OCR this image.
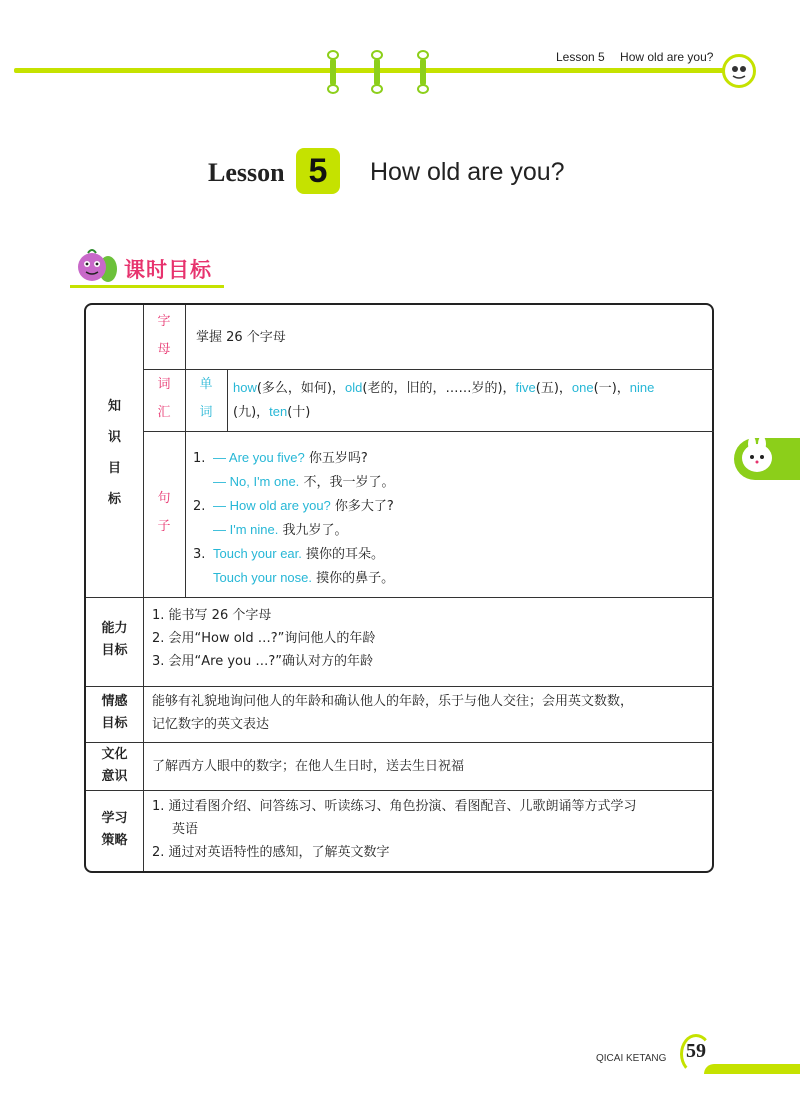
Lesson 5 How old are you?
Lesson 5	How old are you?
课时目标
知
识
目
标
字
母
掌握 26 个字母
词
汇
单
词
how(多么，如何)，old(老的，旧的，……岁的)，five(五)，one(一)，nine
(九)，ten(十)
句
子
1. — Are you five? 你五岁吗?
— No, I'm one. 不，我一岁了。
2. — How old are you? 你多大了?
— I'm nine. 我九岁了。
3. Touch your ear. 摸你的耳朵。
Touch your nose. 摸你的鼻子。
能力
目标
1. 能书写 26 个字母
2. 会用“How old …?”询问他人的年龄
3. 会用“Are you …?”确认对方的年龄
情感
目标
能够有礼貌地询问他人的年龄和确认他人的年龄，乐于与他人交往；会用英文数数，
记忆数字的英文表达
文化
意识
了解西方人眼中的数字；在他人生日时，送去生日祝福
学习
策略
1. 通过看图介绍、问答练习、听读练习、角色扮演、看图配音、儿歌朗诵等方式学习
英语
2. 通过对英语特性的感知，了解英文数字
QICAI KETANG 59
